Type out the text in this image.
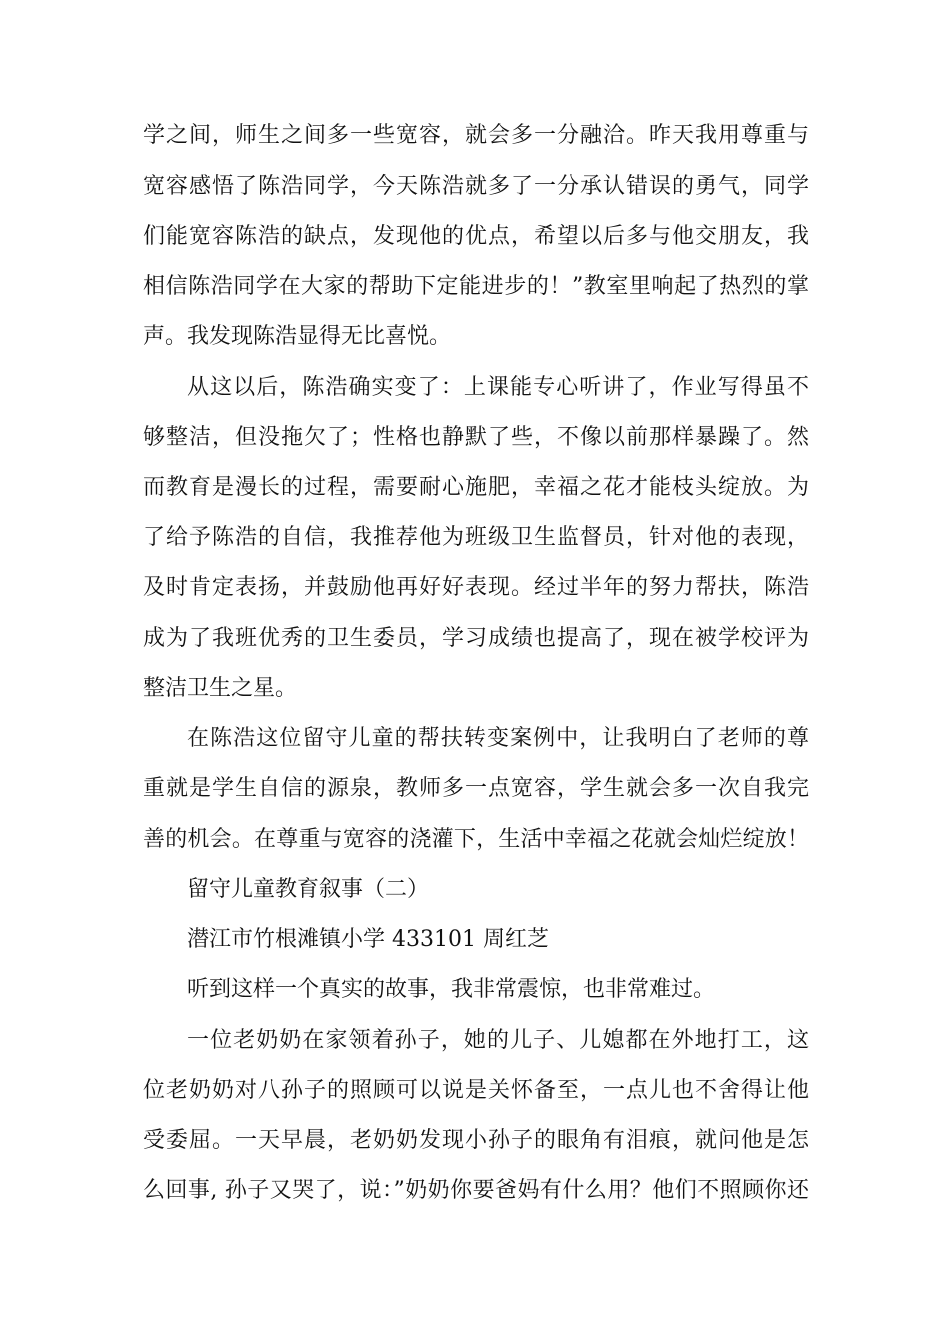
学之间，师生之间多一些宽容，就会多一分融洽。昨天我用尊重与
宽容感悟了陈浩同学，今天陈浩就多了一分承认错误的勇气，同学
们能宽容陈浩的缺点，发现他的优点，希望以后多与他交朋友，我
相信陈浩同学在大家的帮助下定能进步的！”教室里响起了热烈的掌
声。我发现陈浩显得无比喜悦。
从这以后，陈浩确实变了：上课能专心听讲了，作业写得虽不
够整洁，但没拖欠了；性格也静默了些，不像以前那样暴躁了。然
而教育是漫长的过程，需要耐心施肥，幸福之花才能枝头绽放。为
了给予陈浩的自信，我推荐他为班级卫生监督员，针对他的表现，
及时肯定表扬，并鼓励他再好好表现。经过半年的努力帮扶，陈浩
成为了我班优秀的卫生委员，学习成绩也提高了，现在被学校评为
整洁卫生之星。
在陈浩这位留守儿童的帮扶转变案例中，让我明白了老师的尊
重就是学生自信的源泉，教师多一点宽容，学生就会多一次自我完
善的机会。在尊重与宽容的浇灌下，生活中幸福之花就会灿烂绽放！
留守儿童教育叙事（二）
潜江市竹根滩镇小学 433101 周红芝
听到这样一个真实的故事，我非常震惊，也非常难过。
一位老奶奶在家领着孙子，她的儿子、儿媳都在外地打工，这
位老奶奶对八孙子的照顾可以说是关怀备至，一点儿也不舍得让他
受委屈。一天早晨，老奶奶发现小孙子的眼角有泪痕，就问他是怎
么回事, 孙子又哭了，说：”奶奶你要爸妈有什么用？他们不照顾你还
